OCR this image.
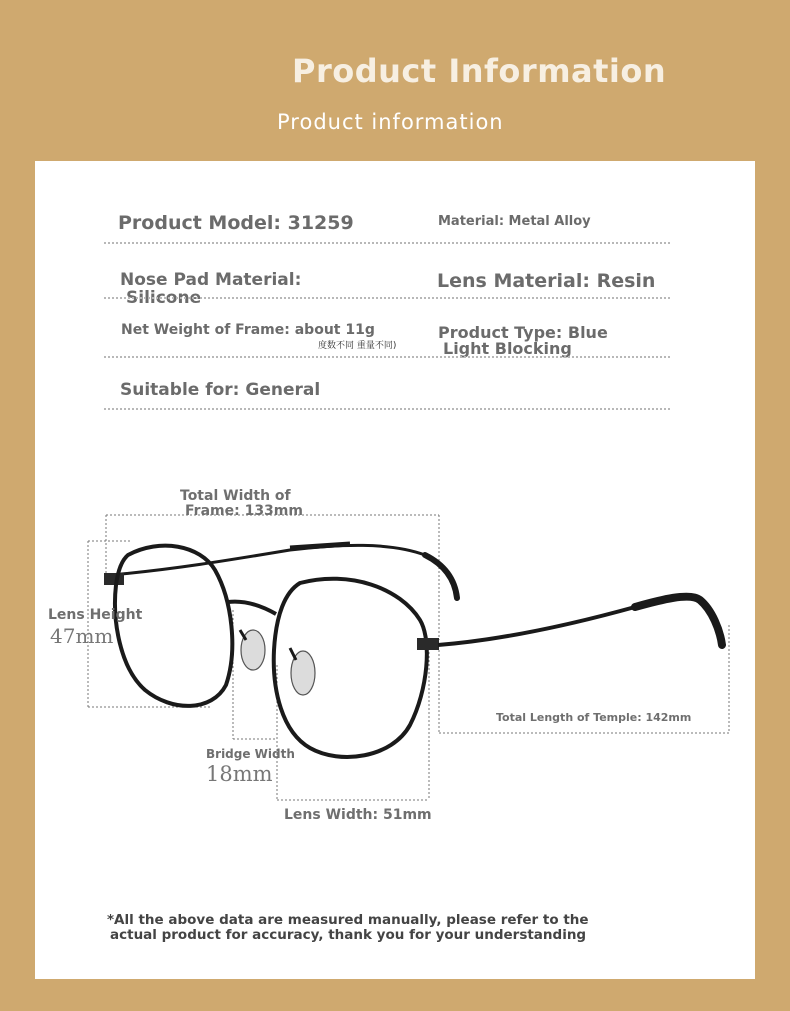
Product Information
Product information
Product Model: 31259	Material: Metal Alloy
Nose Pad Material:
Silicone
Lens Material: Resin
Net Weight of Frame: about 11g
度数不同 重量不同)
Product Type: Blue
Light Blocking
Suitable for: General
Total Width of
Frame: 133mm
Lens Height
47mm
Bridge Width
18mm
Lens Width: 51mm
Total Length of Temple: 142mm
*All the above data are measured manually, please refer to the
actual product for accuracy, thank you for your understanding
